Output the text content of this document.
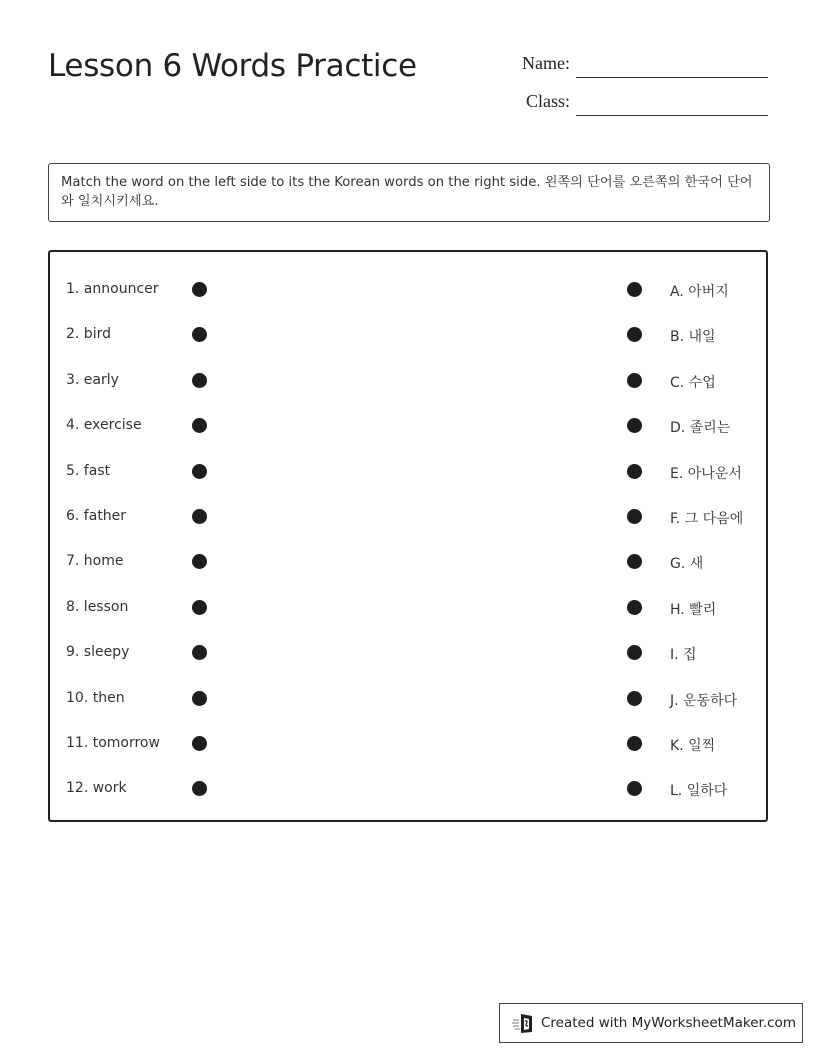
Lesson 6 Words Practice	Name:
Class:
Match the word on the left side to its the Korean words on the right side. 왼쪽의 단어를 오른쪽의 한국어 단어와 일치시키세요.
1. announcer	A. 아버지
2. bird	B. 내일
3. early	C. 수업
4. exercise	D. 졸리는
5. fast	E. 아나운서
6. father	F. 그 다음에
7. home	G. 새
8. lesson	H. 빨리
9. sleepy	I. 집
10. then	J. 운동하다
11. tomorrow	K. 일찍
12. work	L. 일하다
Created with MyWorksheetMaker.com
